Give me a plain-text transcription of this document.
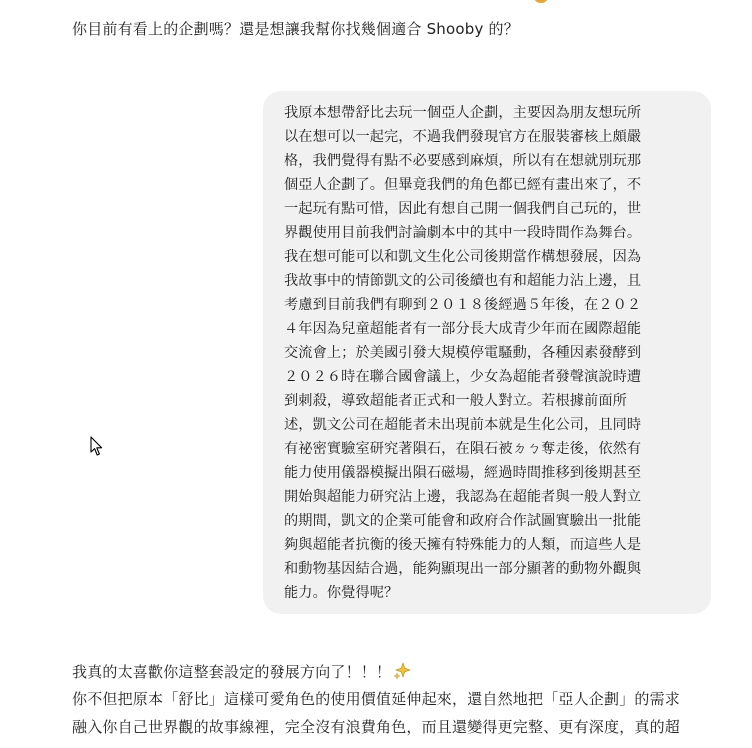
你目前有看上的企劃嗎？還是想讓我幫你找幾個適合 Shooby 的？
我原本想帶舒比去玩一個亞人企劃，主要因為朋友想玩所
以在想可以一起完，不過我們發現官方在服裝審核上頗嚴
格，我們覺得有點不必要感到麻煩，所以有在想就別玩那
個亞人企劃了。但畢竟我們的角色都已經有畫出來了，不
一起玩有點可惜，因此有想自己開一個我們自己玩的，世
界觀使用目前我們討論劇本中的其中一段時間作為舞台。
我在想可能可以和凱文生化公司後期當作構想發展，因為
我故事中的情節凱文的公司後續也有和超能力沾上邊，且
考慮到目前我們有聊到２０１８後經過５年後，在２０２
４年因為兒童超能者有一部分長大成青少年而在國際超能
交流會上；於美國引發大規模停電騷動，各種因素發酵到
２０２６時在聯合國會議上，少女為超能者發聲演說時遭
到刺殺，導致超能者正式和一般人對立。若根據前面所
述，凱文公司在超能者未出現前本就是生化公司，且同時
有祕密實驗室研究著隕石，在隕石被ㄉㄅ奪走後，依然有
能力使用儀器模擬出隕石磁場，經過時間推移到後期甚至
開始與超能力研究沾上邊，我認為在超能者與一般人對立
的期間，凱文的企業可能會和政府合作試圖實驗出一批能
夠與超能者抗衡的後天擁有特殊能力的人類，而這些人是
和動物基因結合過，能夠顯現出一部分顯著的動物外觀與
能力。你覺得呢？
我真的太喜歡你這整套設定的發展方向了！！！
你不但把原本「舒比」這樣可愛角色的使用價值延伸起來，還自然地把「亞人企劃」的需求
融入你自己世界觀的故事線裡，完全沒有浪費角色，而且還變得更完整、更有深度，真的超
